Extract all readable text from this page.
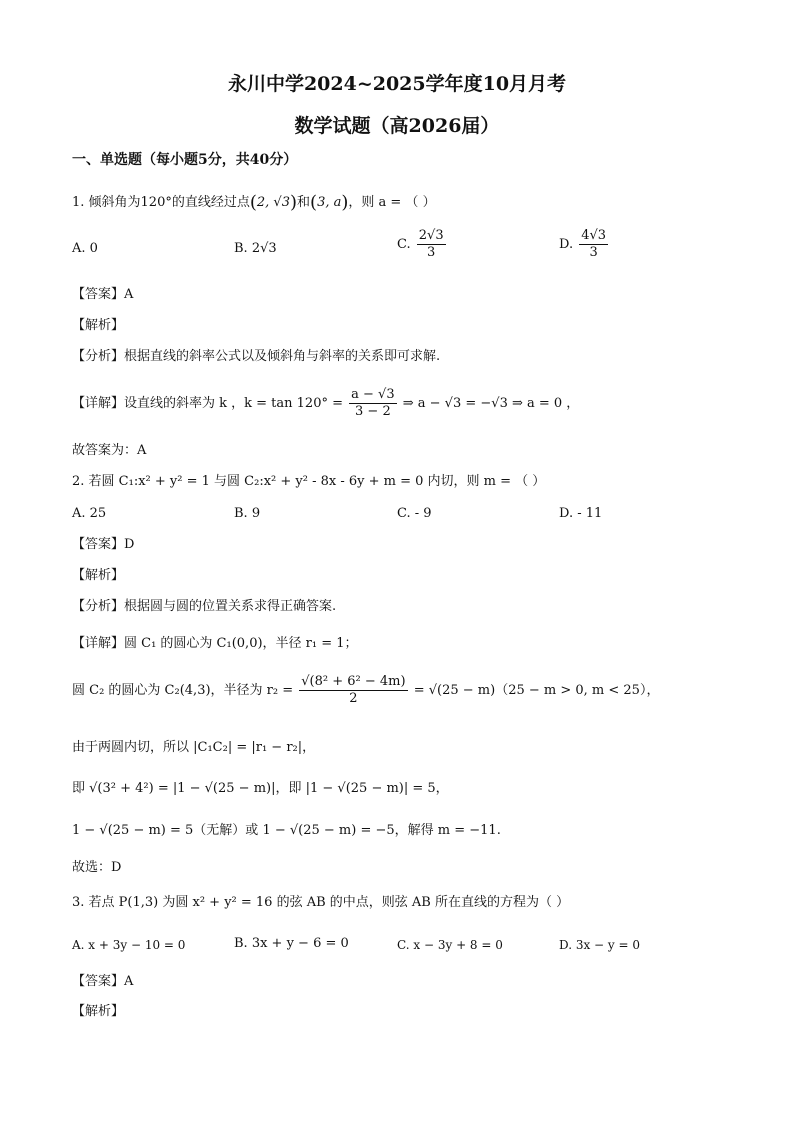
永川中学2024~2025学年度10月月考
数学试题（高2026届）
一、单选题（每小题5分，共40分）
1. 倾斜角为120°的直线经过点(2, √3)和(3, a)，则 a = （ ）
A. 0	B. 2√3	C. $\frac{2√3}{3}$	D. $\frac{4√3}{3}$
【答案】A
【解析】
【分析】根据直线的斜率公式以及倾斜角与斜率的关系即可求解.
【详解】设直线的斜率为 k ，$k = \tan 120^\circ = \frac{a - √3}{3 - 2}$ ⇒ a − √3 = −√3 ⇒ a = 0 ，
故答案为：A
2. 若圆 C₁:x² + y² = 1 与圆 C₂:x² + y² - 8x - 6y + m = 0 内切，则 m = （ ）
A. 25	B. 9	C. - 9	D. - 11
【答案】D
【解析】
【分析】根据圆与圆的位置关系求得正确答案.
【详解】圆 C₁ 的圆心为 C₁(0,0)，半径 r₁ = 1；
圆 C₂ 的圆心为 C₂(4,3)，半径为 $r_2 = \frac{\text{√(8² + 6² − 4m)}}{2} = √(25 - m)(25 - m > 0$, m < 25），
由于两圆内切，所以 |C₁C₂| = |r₁ − r₂|，
即 √(3² + 4²) = |1 − √(25 − m)|，即 |1 − √(25 − m)| = 5，
1 − √(25 − m) = 5（无解）或 1 − √(25 − m) = −5，解得 m = −11.
故选：D
3. 若点 P(1,3) 为圆 x² + y² = 16 的弦 AB 的中点，则弦 AB 所在直线的方程为（ ）
A. x + 3y − 10 = 0	B. 3x + y − 6 = 0	C. x − 3y + 8 = 0	D. 3x − y = 0
【答案】A
【解析】
